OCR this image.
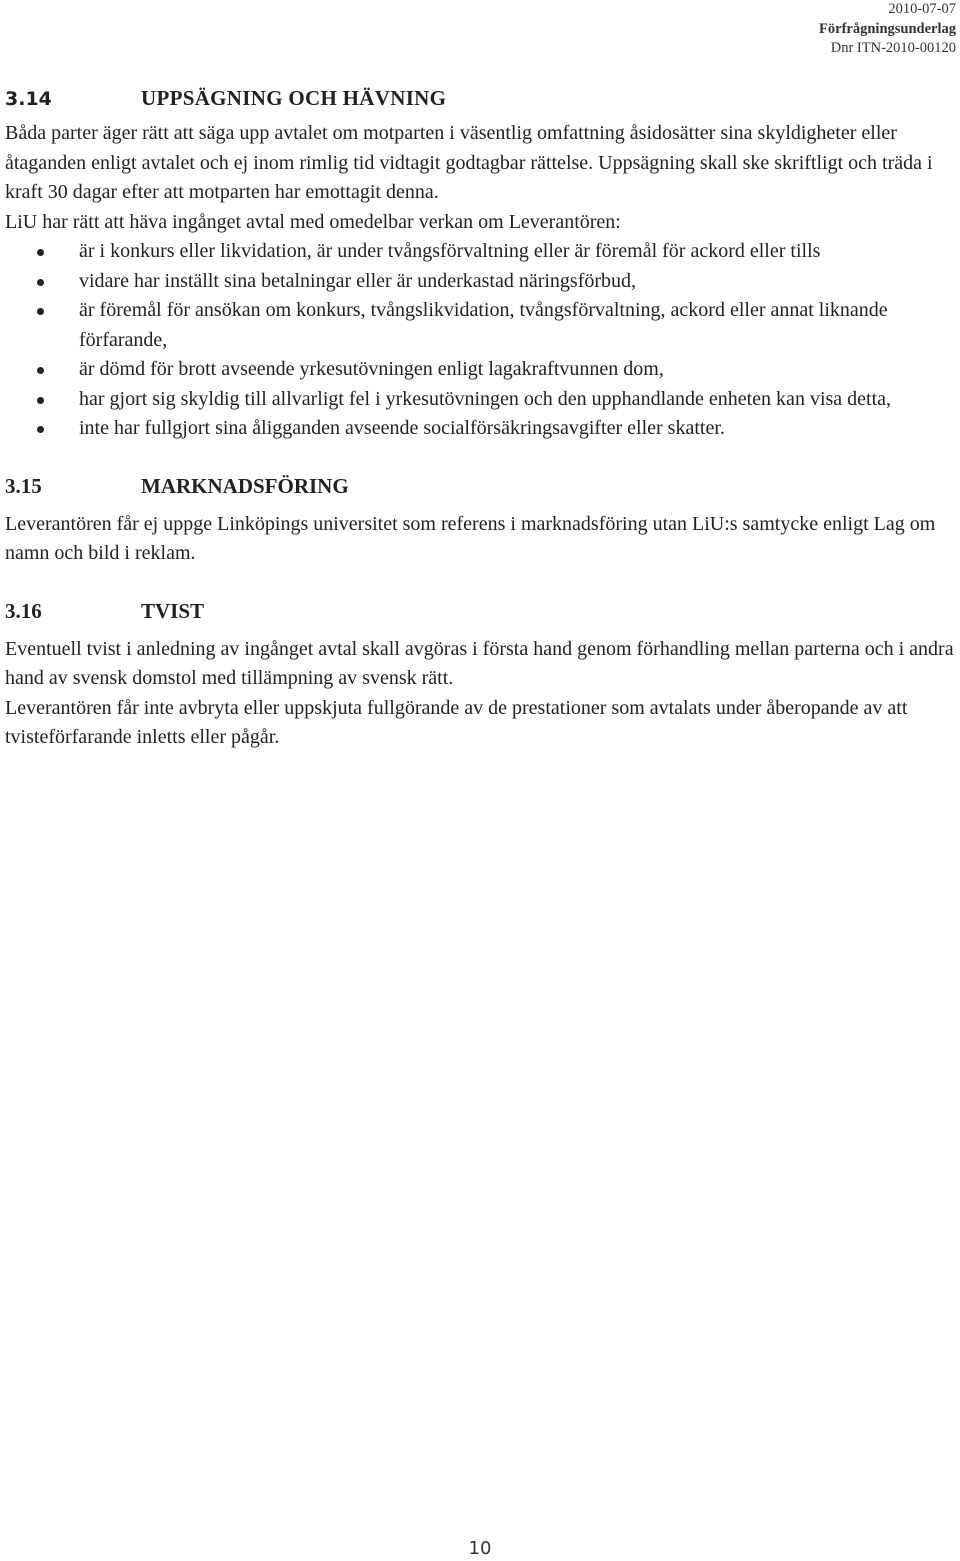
2010-07-07
Förfrågningsunderlag
Dnr ITN-2010-00120
3.14	UPPSÄGNING OCH HÄVNING

Båda parter äger rätt att säga upp avtalet om motparten i väsentlig omfattning åsidosätter sina skyldigheter eller åtaganden enligt avtalet och ej inom rimlig tid vidtagit godtagbar rättelse. Uppsägning skall ske skriftligt och träda i kraft 30 dagar efter att motparten har emottagit denna.

LiU har rätt att häva ingånget avtal med omedelbar verkan om Leverantören:

är i konkurs eller likvidation, är under tvångsförvaltning eller är föremål för ackord eller tills
vidare har inställt sina betalningar eller är underkastad näringsförbud,
är föremål för ansökan om konkurs, tvångslikvidation, tvångsförvaltning, ackord eller annat liknande förfarande,
är dömd för brott avseende yrkesutövningen enligt lagakraftvunnen dom,
har gjort sig skyldig till allvarligt fel i yrkesutövningen och den upphandlande enheten kan visa detta,
inte har fullgjort sina åligganden avseende socialförsäkringsavgifter eller skatter.
3.15	MARKNADSFÖRING

Leverantören får ej uppge Linköpings universitet som referens i marknadsföring utan LiU:s samtycke enligt Lag om namn och bild i reklam.

3.16	TVIST

Eventuell tvist i anledning av ingånget avtal skall avgöras i första hand genom förhandling mellan parterna och i andra hand av svensk domstol med tillämpning av svensk rätt.

Leverantören får inte avbryta eller uppskjuta fullgörande av de prestationer som avtalats under åberopande av att tvisteförfarande inletts eller pågår.

10
